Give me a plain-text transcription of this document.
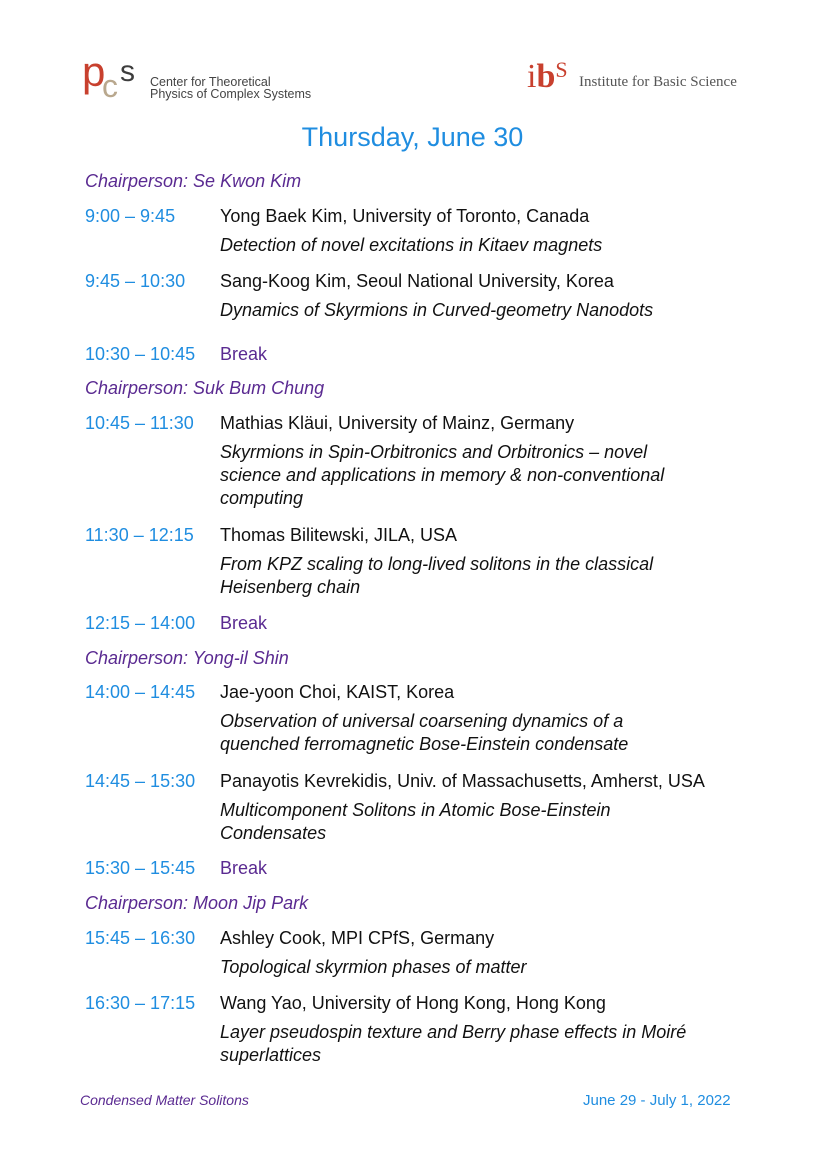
p
c s Center for Theoretical
Physics of Complex Systems	$ib^S$ Institute for Basic Science
Thursday, June 30
Chairperson: Se Kwon Kim
9:00 – 9:45 Yong Baek Kim, University of Toronto, Canada
Detection of novel excitations in Kitaev magnets
9:45 – 10:30 Sang-Koog Kim, Seoul National University, Korea
Dynamics of Skyrmions in Curved-geometry Nanodots
10:30 – 10:45 Break
Chairperson: Suk Bum Chung
10:45 – 11:30 Mathias Kläui, University of Mainz, Germany
Skyrmions in Spin-Orbitronics and Orbitronics – novel
science and applications in memory & non-conventional
computing
11:30 – 12:15 Thomas Bilitewski, JILA, USA
From KPZ scaling to long-lived solitons in the classical
Heisenberg chain
12:15 – 14:00 Break
Chairperson: Yong-il Shin
14:00 – 14:45 Jae-yoon Choi, KAIST, Korea
Observation of universal coarsening dynamics of a
quenched ferromagnetic Bose-Einstein condensate
14:45 – 15:30 Panayotis Kevrekidis, Univ. of Massachusetts, Amherst, USA
Multicomponent Solitons in Atomic Bose-Einstein
Condensates
15:30 – 15:45 Break
Chairperson: Moon Jip Park
15:45 – 16:30 Ashley Cook, MPI CPfS, Germany
Topological skyrmion phases of matter
16:30 – 17:15 Wang Yao, University of Hong Kong, Hong Kong
Layer pseudospin texture and Berry phase effects in Moiré
superlattices
Condensed Matter Solitons	June 29 - July 1, 2022
